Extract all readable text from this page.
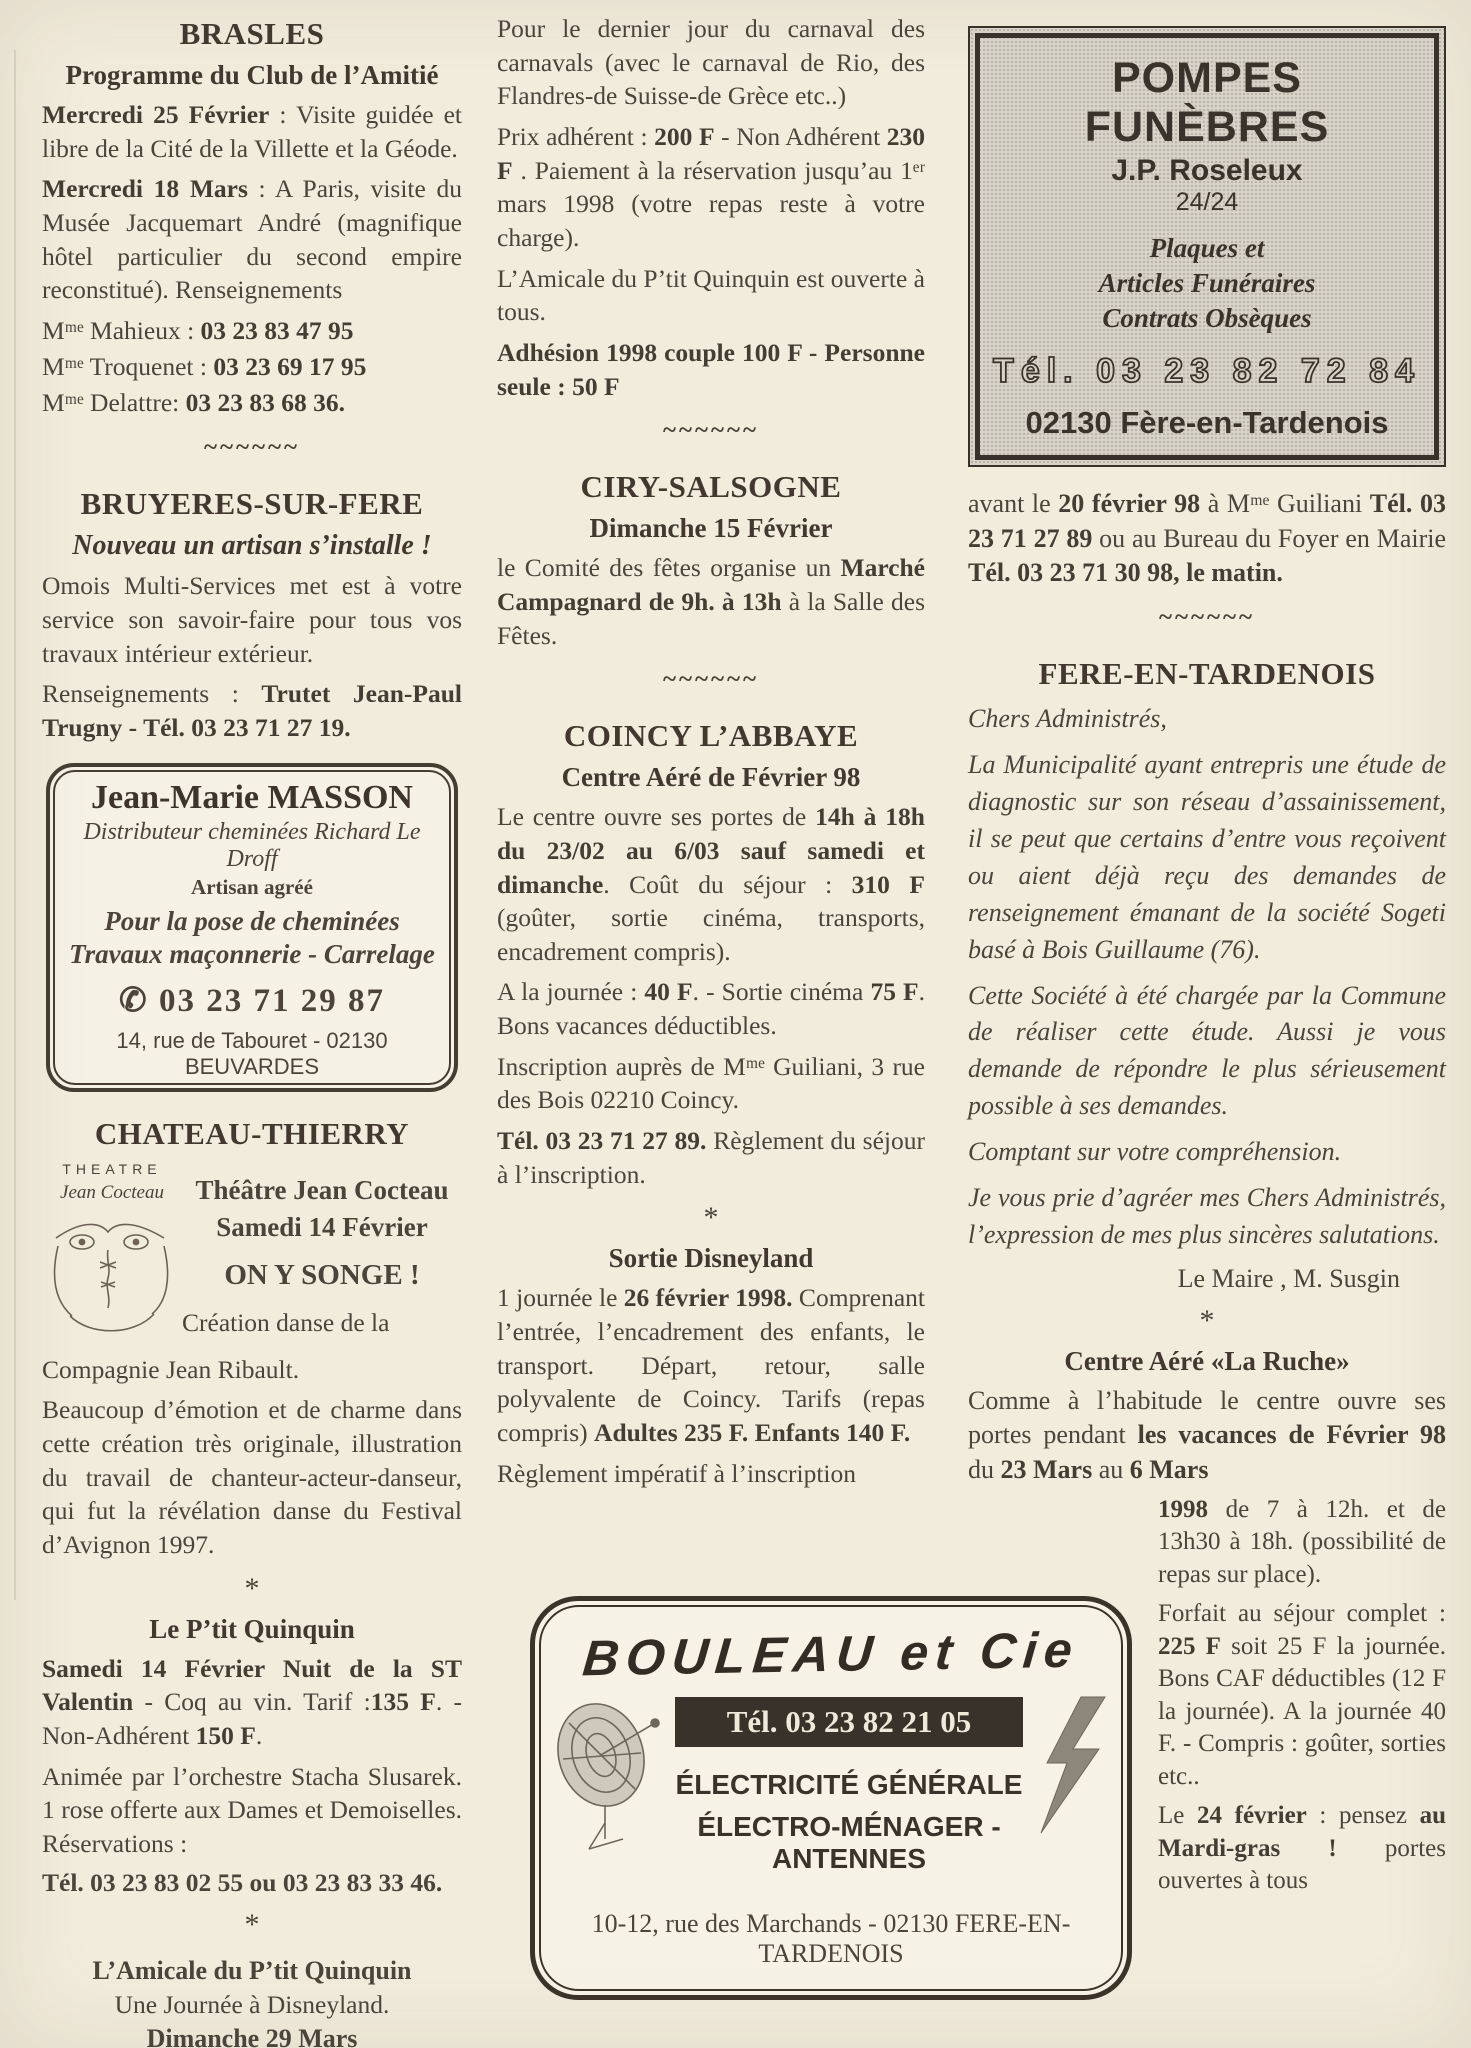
BRASLES
Programme du Club de l’Amitié

Mercredi 25 Février : Visite guidée et libre de la Cité de la Villette et la Géode.

Mercredi 18 Mars : A Paris, visite du Musée Jacquemart André (magnifique hôtel particulier du second empire reconstitué). Renseignements

Mᵐᵉ Mahieux : 03 23 83 47 95
Mᵐᵉ Troquenet : 03 23 69 17 95
Mᵐᵉ Delattre: 03 23 83 68 36.
~~~~~~
BRUYERES-SUR-FERE
Nouveau un artisan s’installe !

Omois Multi-Services met est à votre service son savoir-faire pour tous vos travaux intérieur extérieur.

Renseignements : Trutet Jean-Paul Trugny - Tél. 03 23 71 27 19.

Jean-Marie MASSON
Distributeur cheminées Richard Le Droff
Artisan agréé
Pour la pose de cheminées
Travaux maçonnerie - Carrelage
✆ 03 23 71 29 87
14, rue de Tabouret - 02130 BEUVARDES
CHATEAU-THIERRY
THEATRE
Jean Cocteau	Théâtre Jean Cocteau
Samedi 14 Février
ON Y SONGE !
Création danse de la

Compagnie Jean Ribault.

Beaucoup d’émotion et de charme dans cette création très originale, illustration du travail de chanteur-acteur-danseur, qui fut la révélation danse du Festival d’Avignon 1997.

*
Le P’tit Quinquin

Samedi 14 Février Nuit de la ST Valentin - Coq au vin. Tarif :135 F. - Non-Adhérent 150 F.

Animée par l’orchestre Stacha Slusarek. 1 rose offerte aux Dames et Demoiselles. Réservations :

Tél. 03 23 83 02 55 ou 03 23 83 33 46.
*
L’Amicale du P’tit Quinquin
Une Journée à Disneyland.
Dimanche 29 Mars

Pour le dernier jour du carnaval des carnavals (avec le carnaval de Rio, des Flandres-de Suisse-de Grèce etc..)

Prix adhérent : 200 F - Non Adhérent 230 F . Paiement à la réservation jusqu’au 1ᵉʳ mars 1998 (votre repas reste à votre charge).

L’Amicale du P’tit Quinquin est ouverte à tous.

Adhésion 1998 couple 100 F - Personne seule : 50 F

~~~~~~
CIRY-SALSOGNE
Dimanche 15 Février

le Comité des fêtes organise un Marché Campagnard de 9h. à 13h à la Salle des Fêtes.

~~~~~~
COINCY L’ABBAYE
Centre Aéré de Février 98

Le centre ouvre ses portes de 14h à 18h du 23/02 au 6/03 sauf samedi et dimanche. Coût du séjour : 310 F (goûter, sortie cinéma, transports, encadrement compris).

A la journée : 40 F. - Sortie cinéma 75 F. Bons vacances déductibles.

Inscription auprès de Mᵐᵉ Guiliani, 3 rue des Bois 02210 Coincy.

Tél. 03 23 71 27 89. Règlement du séjour à l’inscription.

*
Sortie Disneyland

1 journée le 26 février 1998. Comprenant l’entrée, l’encadrement des enfants, le transport. Départ, retour, salle polyvalente de Coincy. Tarifs (repas compris) Adultes 235 F. Enfants 140 F.

Règlement impératif à l’inscription

POMPES FUNÈBRES
J.P. Roseleux
24/24
Plaques et
Articles Funéraires
Contrats Obsèques
Tél. 03 23 82 72 84
02130 Fère-en-Tardenois

avant le 20 février 98 à Mᵐᵉ Guiliani Tél. 03 23 71 27 89 ou au Bureau du Foyer en Mairie Tél. 03 23 71 30 98, le matin.

~~~~~~
FERE-EN-TARDENOIS

Chers Administrés,

La Municipalité ayant entrepris une étude de diagnostic sur son réseau d’assainissement, il se peut que certains d’entre vous reçoivent ou aient déjà reçu des demandes de renseignement émanant de la société Sogeti basé à Bois Guillaume (76).

Cette Société à été chargée par la Commune de réaliser cette étude. Aussi je vous demande de répondre le plus sérieusement possible à ses demandes.

Comptant sur votre compréhension.

Je vous prie d’agréer mes Chers Administrés, l’expression de mes plus sincères salutations.

Le Maire , M. Susgin
*
Centre Aéré «La Ruche»

Comme à l’habitude le centre ouvre ses portes pendant les vacances de Février 98 du 23 Mars au 6 Mars

1998 de 7 à 12h. et de 13h30 à 18h. (possibilité de repas sur place).

Forfait au séjour complet : 225 F soit 25 F la journée. Bons CAF déductibles (12 F la journée). A la journée 40 F. - Compris : goûter, sorties etc..

Le 24 février : pensez au Mardi-gras ! portes ouvertes à tous

BOULEAU et Cie
Tél. 03 23 82 21 05
ÉLECTRICITÉ GÉNÉRALE
ÉLECTRO-MÉNAGER - ANTENNES
10-12, rue des Marchands - 02130 FERE-EN-TARDENOIS
